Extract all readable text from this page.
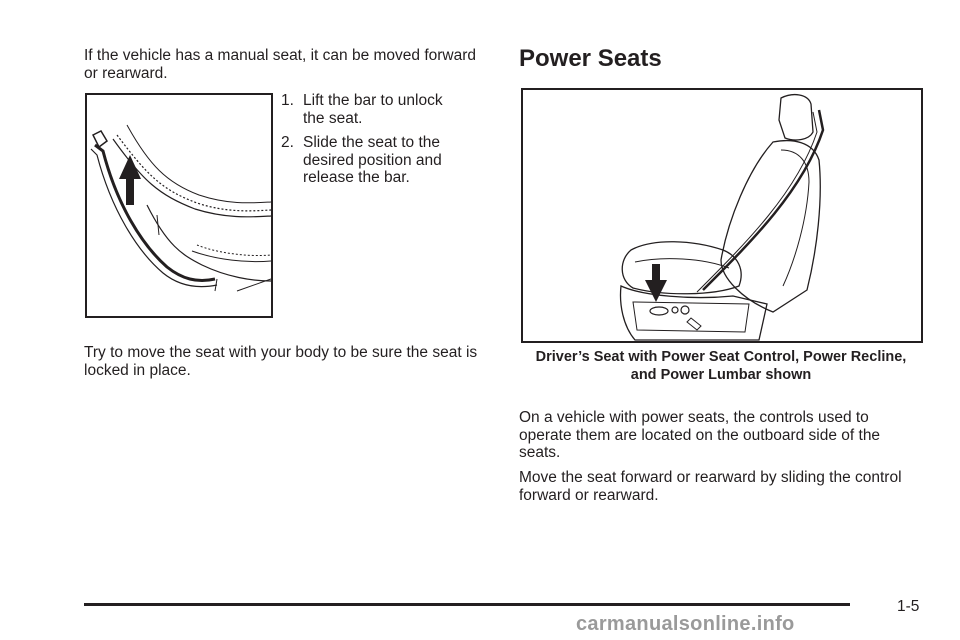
If the vehicle has a manual seat, it can be moved forward or rearward.

1. Lift the bar to unlock the seat.
2. Slide the seat to the desired position and release the bar.

Try to move the seat with your body to be sure the seat is locked in place.

Power Seats
Driver’s Seat with Power Seat Control, Power Recline, and Power Lumbar shown

On a vehicle with power seats, the controls used to operate them are located on the outboard side of the seats.

Move the seat forward or rearward by sliding the control forward or rearward.

1-5
carmanualsonline.info
